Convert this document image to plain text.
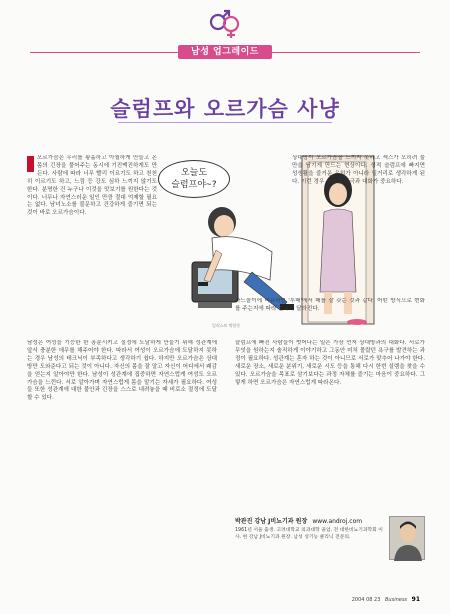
남성 업그레이드
슬럼프와 오르가슴 사냥
오르가슴은 우리를 황홀하고 아찔하게 만들고 온몸의 긴장을 풀어주는 동시에 기진맥진하게도 만든다. 사람에 따라 너무 빨리 이르기도 하고 천천히 이르기도 하고, 느낌 등 강도 심하 느끼지 않기도 한다. 분명한 건 누구나 이것을 맛보기를 원한다는 것이다. 너무나 자연스러운 일인 만큼 절대 억제할 필요는 없다. 남녀노소를 불문하고 건강하게 즐기면 되는 것이 바로 오르가슴이다.
오늘도
슬럼프야~?
일러스트 박한웅
상대방이 오르가슴을 느끼지 못하고 섹스가 오히려 불만을 남기게 만드는 현상이다. 성적 슬럼프에 빠지면 성생활을 즐거운 유희가 아니라 일거리로 생각하게 된다. 이런 경우 새로운 자극과 대화가 중요하다.
카드놀이에 비유하면 '투패'에서 패를 잘 갖는 것과 같다. 어떤 방식으로 변화를 주는지에 따라 결과가 달라진다.
남성은 여성을 기능한 한 흥분시키고 절정에 도달하게 만들기 위해 성관계에 앞서 충분한 애무를 해주어야 한다. 따라서 여성이 오르가슴에 도달하지 못하는 경우 남성의 테크닉이 부족하다고 생각하기 쉽다. 하지만 오르가슴은 상대방만 도와준다고 되는 것이 아니다. 자신의 몸을 잘 알고 자신이 어디에서 쾌감을 얻는지 알아야만 한다. 남성이 성관계에 집중하면 자연스럽게 여성도 오르가슴을 느낀다. 서로 알아가며 자연스럽게 몸을 맡기는 자세가 필요하다. 여성들 또한 성관계에 대한 불안과 긴장을 스스로 내려놓을 때 비로소 절정에 도달할 수 있다.
슬럼프에 빠진 사람들이 벗어나는 일은 가장 먼저 상대방과의 대화다. 서로가 무엇을 원하는지 솔직하게 이야기하고 그동안 미처 몰랐던 욕구를 발견하는 과정이 필요하다. 성관계는 혼자 하는 것이 아니므로 서로가 맞추어 나가야 한다. 새로운 장소, 새로운 분위기, 새로운 시도 등을 통해 다시 한번 설렘을 찾을 수 있다. 오르가슴을 목표로 삼기보다는 과정 자체를 즐기는 마음이 중요하다. 그렇게 하면 오르가슴은 자연스럽게 따라온다.
박관진 강남 J비뇨기과 원장 www.androj.com
1961년 서울 출생. 고려대학교 의과대학 졸업. 전 대한비뇨기과학회 이사. 현 강남 J비뇨기과 원장. 남성 성기능 클리닉 전문의.
2004 08 23 Business 91
